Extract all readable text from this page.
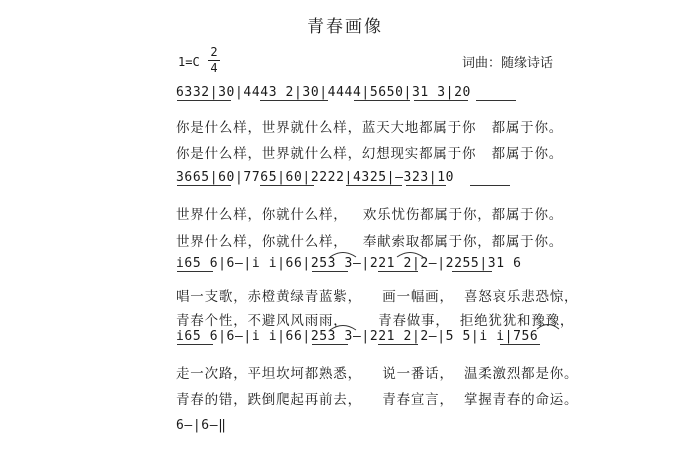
青春画像
1=C
2
4	词曲：随缘诗话
6332|30|4443 2|30|4444|5650|31 3|20
你是什么样，世界就什么样，蓝天大地都属于你   都属于你。
你是什么样，世界就什么样，幻想现实都属于你   都属于你。
3665|60|7765|60|2222|4325|–323|10
世界什么样，你就什么样，   欢乐忧伤都属于你，都属于你。
世界什么样，你就什么样，   奉献索取都属于你，都属于你。
i65 6|6–|i i|66|253 3–|221 2|2–|2255|31 6
唱一支歌，赤橙黄绿青蓝紫，    画一幅画，  喜怒哀乐悲恐惊，
青春个性，不避风风雨雨，      青春做事，  拒绝犹犹和豫豫，
i65 6|6–|i i|66|253 3–|221 2|2–|5 5|i i|756
走一次路，平坦坎坷都熟悉，    说一番话，  温柔激烈都是你。
青春的错，跌倒爬起再前去，    青春宣言，  掌握青春的命运。
6–|6–‖
